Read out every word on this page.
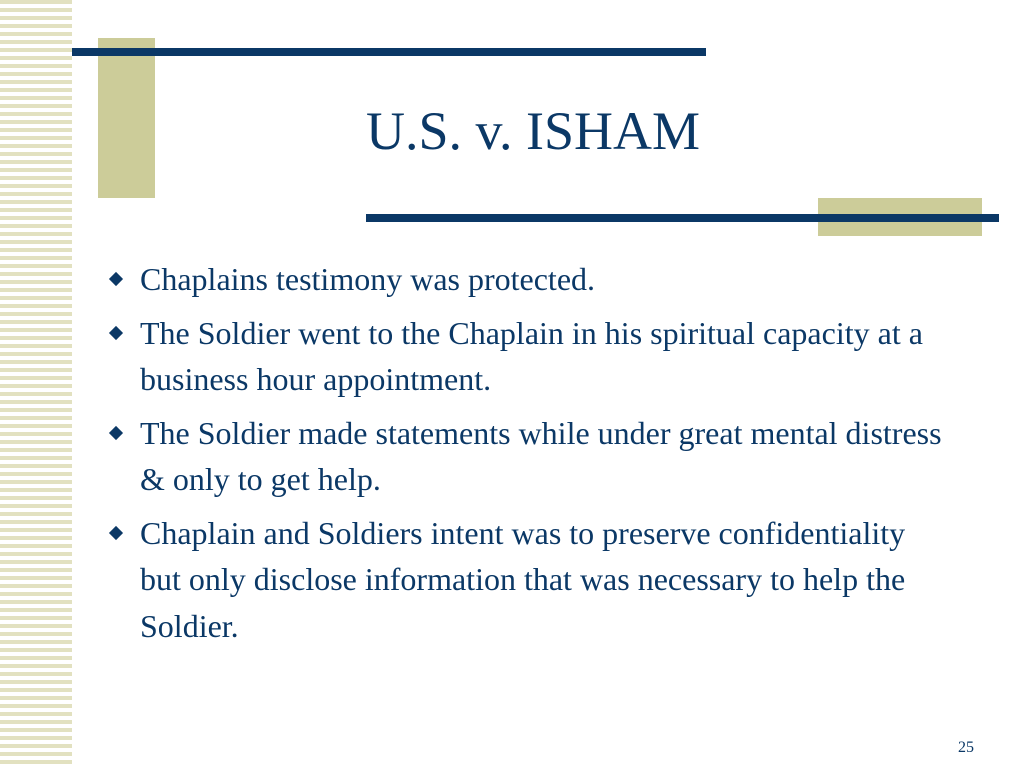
U.S. v. ISHAM
Chaplains testimony was protected.
The Soldier went to the Chaplain in his spiritual capacity at a business hour appointment.
The Soldier made statements while under great mental distress & only to get help.
Chaplain and Soldiers intent was to preserve confidentiality but only disclose information that was necessary to help the Soldier.
25
